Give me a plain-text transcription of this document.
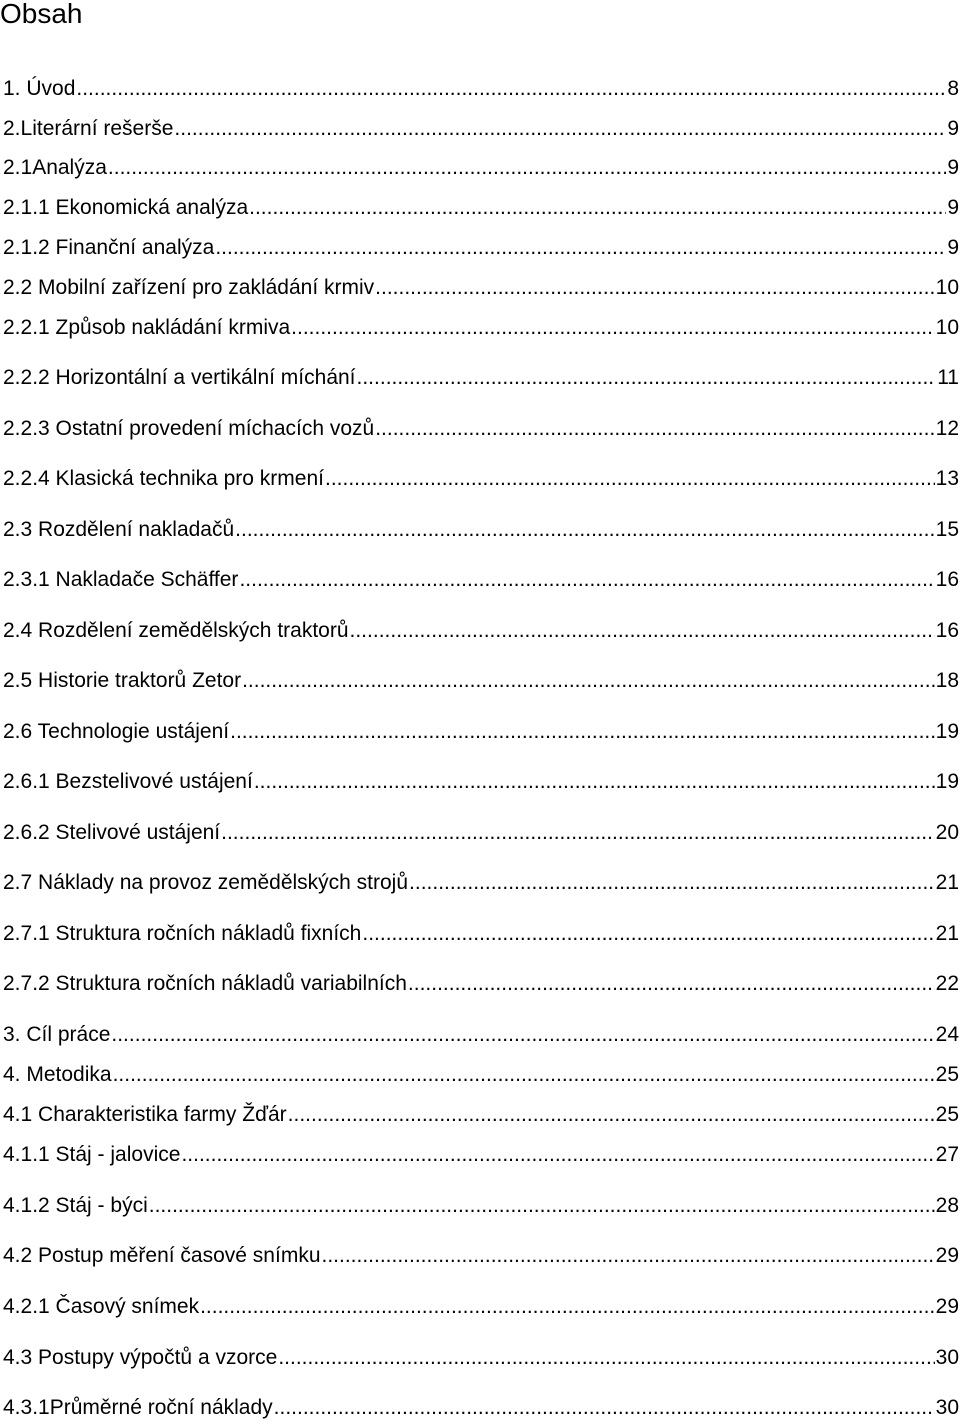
Obsah
1. Úvod .....	8
2.Literární rešerše .....	9
2.1Analýza .....	9
2.1.1 Ekonomická analýza .....	9
2.1.2 Finanční analýza .....	9
2.2 Mobilní zařízení pro zakládání krmiv .....	10
2.2.1 Způsob nakládání krmiva .....	10
2.2.2 Horizontální a vertikální míchání .....	11
2.2.3 Ostatní provedení míchacích vozů .....	12
2.2.4 Klasická technika pro krmení .....	13
2.3 Rozdělení nakladačů .....	15
2.3.1 Nakladače Schäffer .....	16
2.4 Rozdělení zemědělských traktorů .....	16
2.5 Historie traktorů Zetor .....	18
2.6 Technologie ustájení .....	19
2.6.1 Bezstelivové ustájení .....	19
2.6.2 Stelivové ustájení .....	20
2.7 Náklady na provoz zemědělských strojů .....	21
2.7.1 Struktura ročních nákladů fixních .....	21
2.7.2 Struktura ročních nákladů variabilních .....	22
3. Cíl práce .....	24
4. Metodika .....	25
4.1 Charakteristika farmy Žďár .....	25
4.1.1 Stáj - jalovice .....	27
4.1.2 Stáj - býci .....	28
4.2 Postup měření časové snímku .....	29
4.2.1 Časový snímek .....	29
4.3 Postupy výpočtů a vzorce .....	30
4.3.1Průměrné roční náklady .....	30
